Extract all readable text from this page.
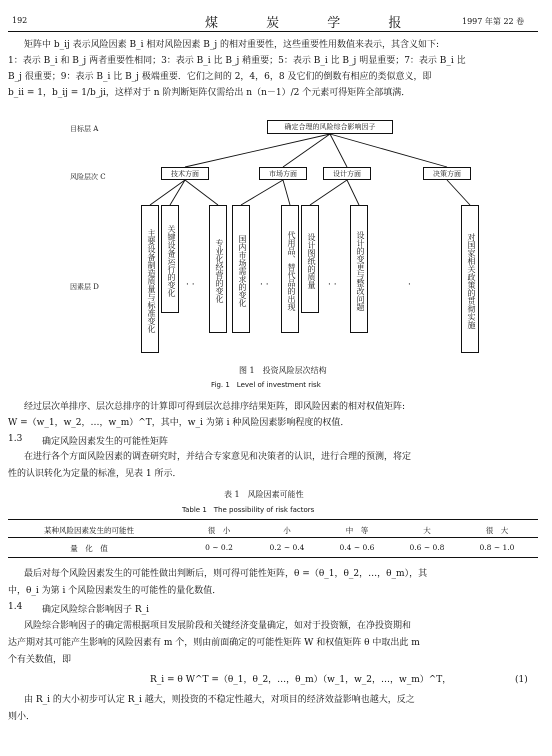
192	煤 炭 学 报	1997 年第 22 卷
矩阵中 b_ij 表示风险因素 B_i 相对风险因素 B_j 的相对重要性，这些重要性用数值来表示，其含义如下:
1：表示 B_i 和 B_j 两者重要性相同；3：表示 B_i 比 B_j 稍重要；5：表示 B_i 比 B_j 明显重要；7：表示 B_i 比
B_j 很重要；9：表示 B_i 比 B_j 极端重要．它们之间的 2，4，6，8 及它们的倒数有相应的类似意义，即
b_ii = 1，b_ij = 1/b_ji，这样对于 n 阶判断矩阵仅需给出 n（n－1）/2 个元素可得矩阵全部填满．
目标层 A
风险层次 C
因素层 D
确定合理的风险综合影响因子
技术方面	市场方面	设计方面	决策方面
主要设备制造质量与标准变化	关键设备运行的变化	专业化经营的变化	国内市场需求的变化	代用品、替代品的出现	设计图纸的质量	设计的变更与整改问题	对国家相关政策的贯彻实施
· ·	· ·	· ·	·
图 1　投资风险层次结构
Fig. 1　Level of investment risk
经过层次单排序、层次总排序的计算即可得到层次总排序结果矩阵，即风险因素的相对权值矩阵:
W =（w_1，w_2，…，w_m）^T，其中，w_i 为第 i 种风险因素影响程度的权值．
1.3 确定风险因素发生的可能性矩阵
在进行各个方面风险因素的调查研究时，并结合专家意见和决策者的认识，进行合理的预测，将定
性的认识转化为定量的标准，见表 1 所示．
表 1　风险因素可能性
Table 1　The possibility of risk factors
某种风险因素发生的可能性	很　小	小	中　等	大	很　大
量　化　值	0 ~ 0.2	0.2 ~ 0.4	0.4 ~ 0.6	0.6 ~ 0.8	0.8 ~ 1.0
最后对每个风险因素发生的可能性做出判断后，则可得可能性矩阵，θ =（θ_1，θ_2，…，θ_m），其
中，θ_i 为第 i 个风险因素发生的可能性的量化数值．
1.4 确定风险综合影响因子 R_i
风险综合影响因子的确定需根据项目发展阶段和关键经济变量确定，如对于投资额，在净投资期和
达产期对其可能产生影响的风险因素有 m 个，则由前面确定的可能性矩阵 W 和权值矩阵 θ 中取出此 m
个有关数值，即
R_i = θ W^T =（θ_1，θ_2，…，θ_m）（w_1，w_2，…，w_m）^T，	(1)
由 R_i 的大小初步可认定 R_i 越大，则投资的不稳定性越大，对项目的经济效益影响也越大，反之
则小．
